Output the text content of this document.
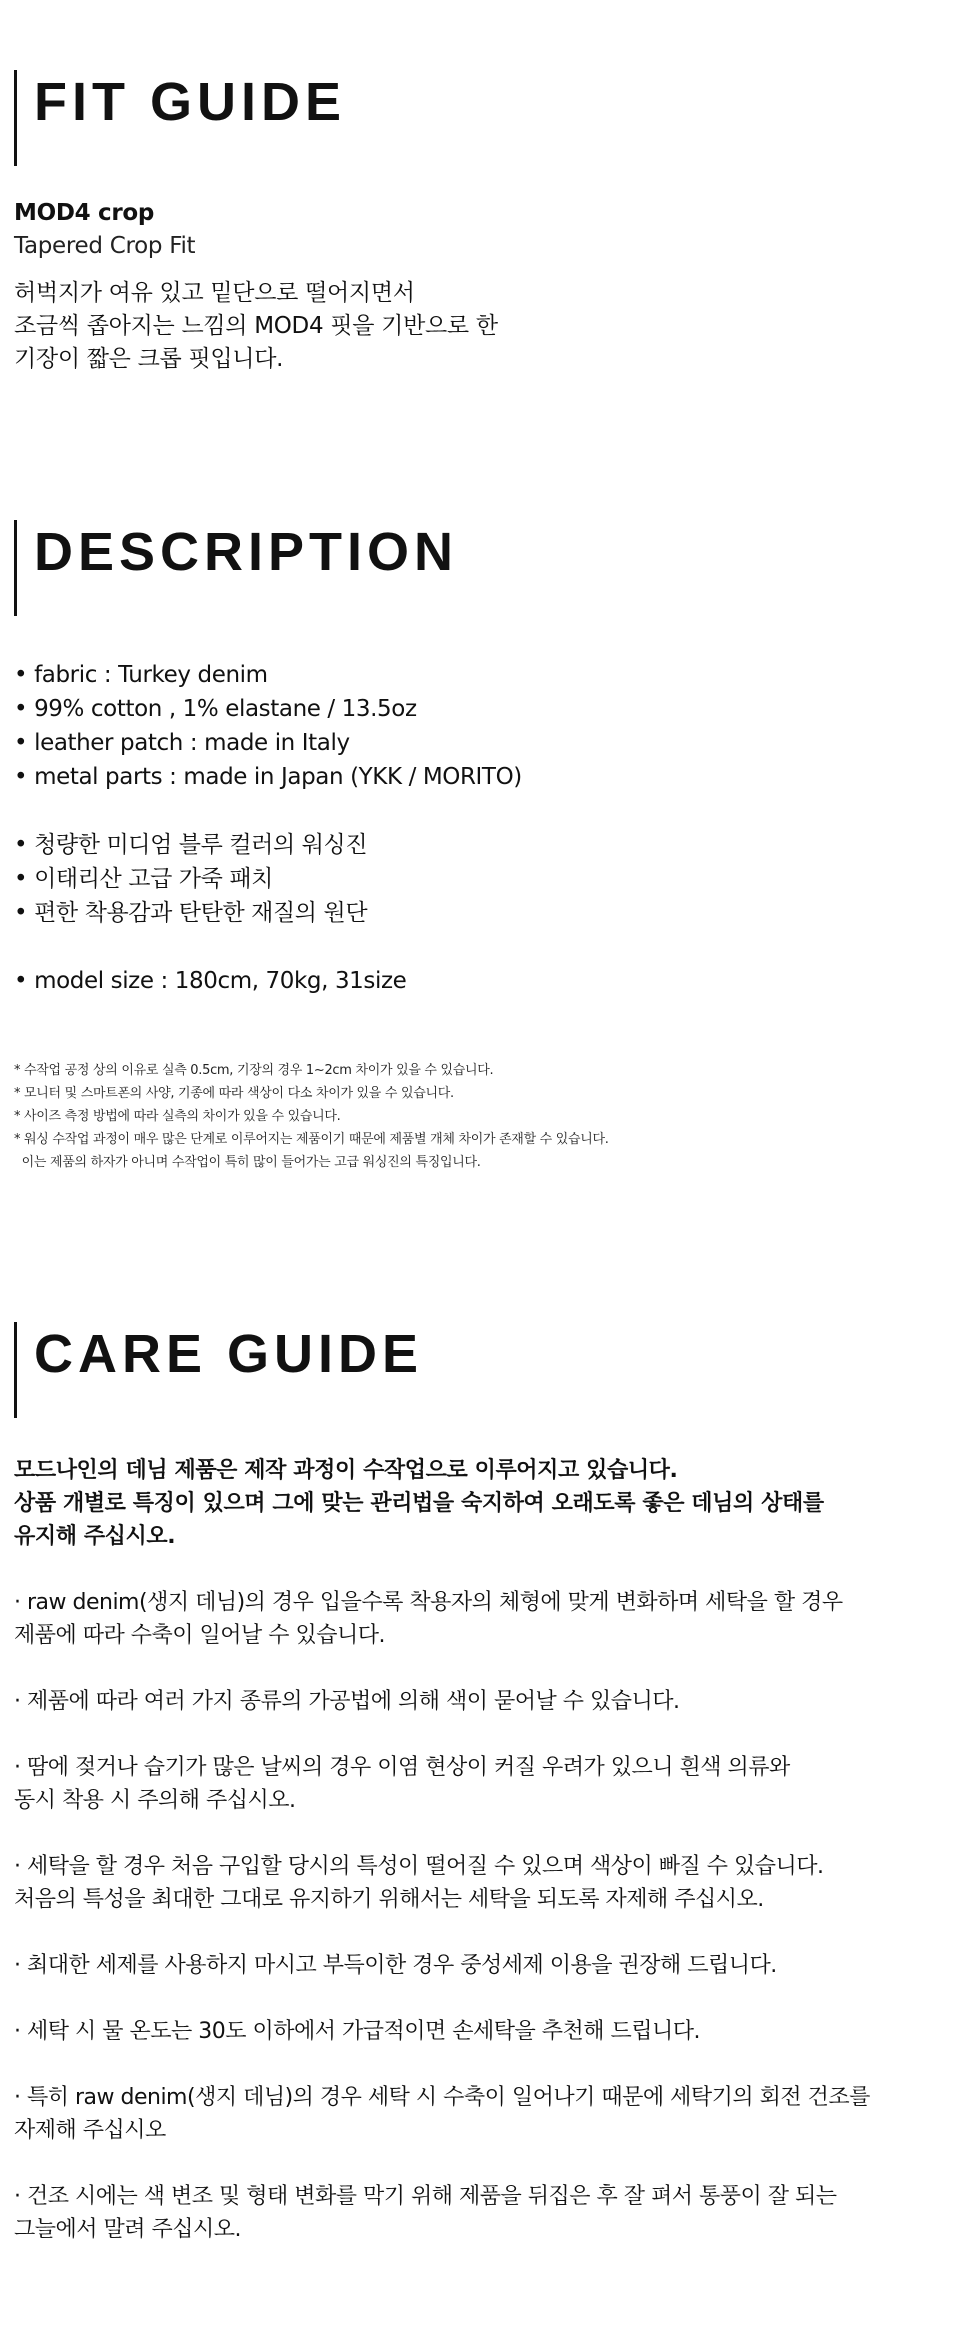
FIT GUIDE
MOD4 crop
Tapered Crop Fit
허벅지가 여유 있고 밑단으로 떨어지면서
조금씩 좁아지는 느낌의 MOD4 핏을 기반으로 한
기장이 짧은 크롭 핏입니다.
DESCRIPTION
• fabric : Turkey denim
• 99% cotton , 1% elastane / 13.5oz
• leather patch : made in Italy
• metal parts : made in Japan (YKK / MORITO)
• 청량한 미디엄 블루 컬러의 워싱진
• 이태리산 고급 가죽 패치
• 편한 착용감과 탄탄한 재질의 원단
• model size : 180cm, 70kg, 31size
* 수작업 공정 상의 이유로 실측 0.5cm, 기장의 경우 1~2cm 차이가 있을 수 있습니다.
* 모니터 및 스마트폰의 사양, 기종에 따라 색상이 다소 차이가 있을 수 있습니다.
* 사이즈 측정 방법에 따라 실측의 차이가 있을 수 있습니다.
* 워싱 수작업 과정이 매우 많은 단계로 이루어지는 제품이기 때문에 제품별 개체 차이가 존재할 수 있습니다.
이는 제품의 하자가 아니며 수작업이 특히 많이 들어가는 고급 워싱진의 특징입니다.
CARE GUIDE
모드나인의 데님 제품은 제작 과정이 수작업으로 이루어지고 있습니다.
상품 개별로 특징이 있으며 그에 맞는 관리법을 숙지하여 오래도록 좋은 데님의 상태를
유지해 주십시오.
· raw denim(생지 데님)의 경우 입을수록 착용자의 체형에 맞게 변화하며 세탁을 할 경우
제품에 따라 수축이 일어날 수 있습니다.
· 제품에 따라 여러 가지 종류의 가공법에 의해 색이 묻어날 수 있습니다.
· 땀에 젖거나 습기가 많은 날씨의 경우 이염 현상이 커질 우려가 있으니 흰색 의류와
동시 착용 시 주의해 주십시오.
· 세탁을 할 경우 처음 구입할 당시의 특성이 떨어질 수 있으며 색상이 빠질 수 있습니다.
처음의 특성을 최대한 그대로 유지하기 위해서는 세탁을 되도록 자제해 주십시오.
· 최대한 세제를 사용하지 마시고 부득이한 경우 중성세제 이용을 권장해 드립니다.
· 세탁 시 물 온도는 30도 이하에서 가급적이면 손세탁을 추천해 드립니다.
· 특히 raw denim(생지 데님)의 경우 세탁 시 수축이 일어나기 때문에 세탁기의 회전 건조를
자제해 주십시오
· 건조 시에는 색 변조 및 형태 변화를 막기 위해 제품을 뒤집은 후 잘 펴서 통풍이 잘 되는
그늘에서 말려 주십시오.
